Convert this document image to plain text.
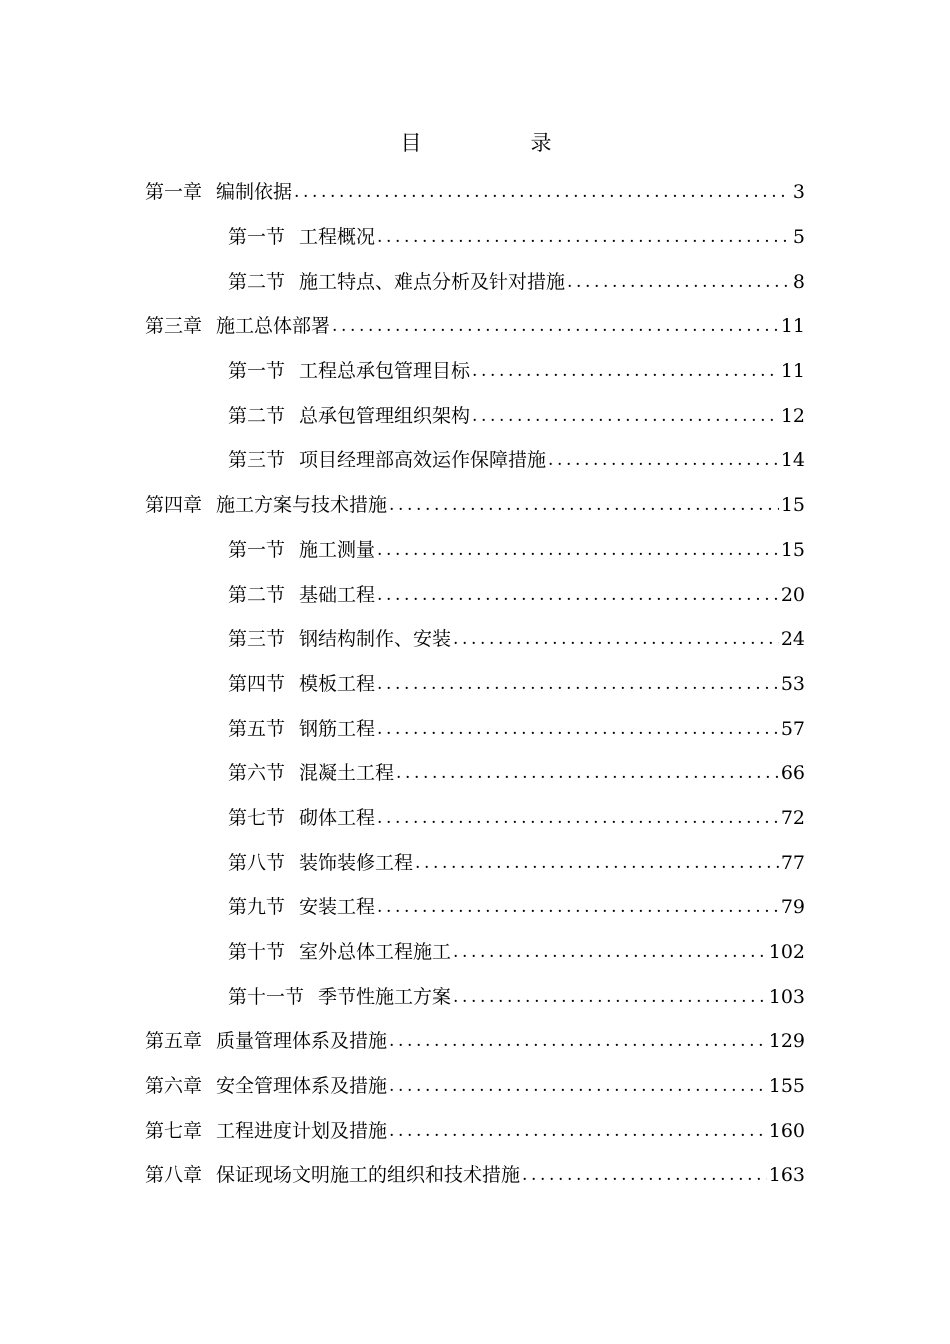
目　录
第一章 编制依据 .....	3
第一节 工程概况 .....	5
第二节 施工特点、难点分析及针对措施 .....	8
第三章 施工总体部署 .....	11
第一节 工程总承包管理目标 .....	11
第二节 总承包管理组织架构 .....	12
第三节 项目经理部高效运作保障措施 .....	14
第四章 施工方案与技术措施 .....	15
第一节 施工测量 .....	15
第二节 基础工程 .....	20
第三节 钢结构制作、安装 .....	24
第四节 模板工程 .....	53
第五节 钢筋工程 .....	57
第六节 混凝土工程 .....	66
第七节 砌体工程 .....	72
第八节 装饰装修工程 .....	77
第九节 安装工程 .....	79
第十节 室外总体工程施工 .....	102
第十一节 季节性施工方案 .....	103
第五章 质量管理体系及措施 .....	129
第六章 安全管理体系及措施 .....	155
第七章 工程进度计划及措施 .....	160
第八章 保证现场文明施工的组织和技术措施 .....	163
